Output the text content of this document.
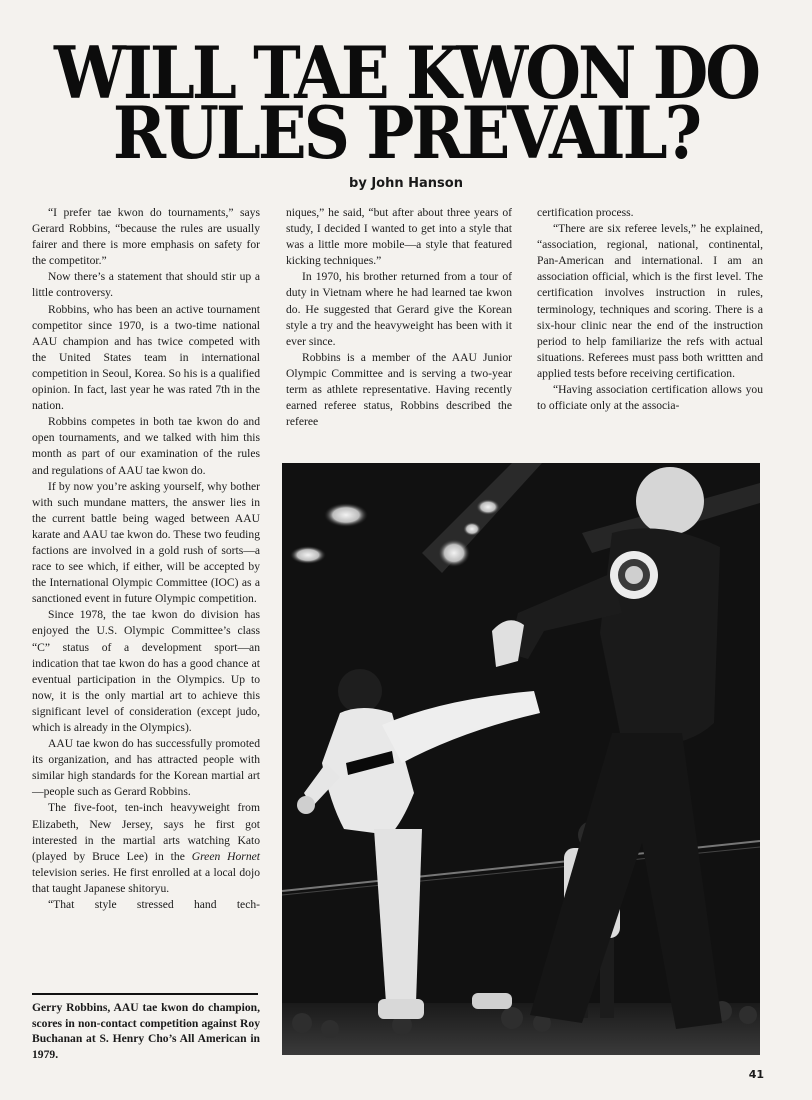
WILL TAE KWON DO
RULES PREVAIL?
by John Hanson

“I prefer tae kwon do tournaments,” says Gerard Robbins, “because the rules are usually fairer and there is more emphasis on safety for the competitor.”

Now there’s a statement that should stir up a little controversy.

Robbins, who has been an active tournament competitor since 1970, is a two-time national AAU champion and has twice competed with the United States team in international competition in Seoul, Korea. So his is a qualified opinion. In fact, last year he was rated 7th in the nation.

Robbins competes in both tae kwon do and open tournaments, and we talked with him this month as part of our examination of the rules and regulations of AAU tae kwon do.

If by now you’re asking yourself, why bother with such mundane matters, the answer lies in the current battle being waged between AAU karate and AAU tae kwon do. These two feuding factions are involved in a gold rush of sorts—a race to see which, if either, will be accepted by the International Olympic Committee (IOC) as a sanctioned event in future Olympic competition.

Since 1978, the tae kwon do division has enjoyed the U.S. Olympic Committee’s class “C” status of a development sport—an indication that tae kwon do has a good chance at eventual participation in the Olympics. Up to now, it is the only martial art to achieve this significant level of consideration (except judo, which is already in the Olympics).

AAU tae kwon do has successfully promoted its organization, and has attracted people with similar high standards for the Korean martial art—people such as Gerard Robbins.

The five-foot, ten-inch heavyweight from Elizabeth, New Jersey, says he first got interested in the martial arts watching Kato (played by Bruce Lee) in the Green Hornet television series. He first enrolled at a local dojo that taught Japanese shitoryu.

“That style stressed hand tech-

niques,” he said, “but after about three years of study, I decided I wanted to get into a style that was a little more mobile—a style that featured kicking techniques.”

In 1970, his brother returned from a tour of duty in Vietnam where he had learned tae kwon do. He suggested that Gerard give the Korean style a try and the heavyweight has been with it ever since.

Robbins is a member of the AAU Junior Olympic Committee and is serving a two-year term as athlete representative. Having recently earned referee status, Robbins described the referee

certification process.

“There are six referee levels,” he explained, “association, regional, national, continental, Pan-American and international. I am an association official, which is the first level. The certification involves instruction in rules, terminology, techniques and scoring. There is a six-hour clinic near the end of the instruction period to help familiarize the refs with actual situations. Referees must pass both writtten and applied tests before receiving certification.

“Having association certification allows you to officiate only at the associa-

Gerry Robbins, AAU tae kwon do champion, scores in non-contact competition against Roy Buchanan at S. Henry Cho’s All American in 1979.
41
